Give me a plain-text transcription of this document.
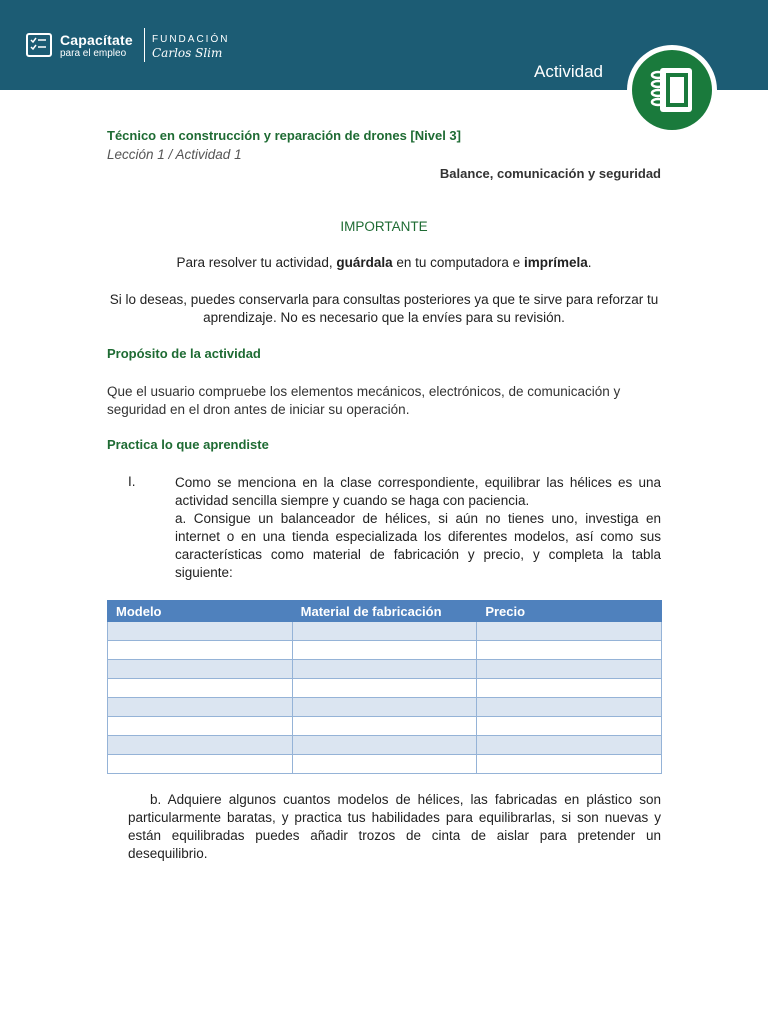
Capacítate
para el empleo
FUNDACIÓN
Carlos Slim
Actividad
Técnico en construcción y reparación de drones [Nivel 3]
Lección 1 / Actividad 1
Balance, comunicación y seguridad
IMPORTANTE
Para resolver tu actividad, guárdala en tu computadora e imprímela.
Si lo deseas, puedes conservarla para consultas posteriores ya que te sirve para reforzar tu aprendizaje. No es necesario que la envíes para su revisión.
Propósito de la actividad
Que el usuario compruebe los elementos mecánicos, electrónicos, de comunicación y seguridad en el dron antes de iniciar su operación.
Practica lo que aprendiste
I.	Como se menciona en la clase correspondiente, equilibrar las hélices es una actividad sencilla siempre y cuando se haga con paciencia.
a. Consigue un balanceador de hélices, si aún no tienes uno, investiga en internet o en una tienda especializada los diferentes modelos, así como sus características como material de fabricación y precio, y completa la tabla siguiente:
Modelo	Material de fabricación	Precio

b. Adquiere algunos cuantos modelos de hélices, las fabricadas en plástico son particularmente baratas, y practica tus habilidades para equilibrarlas, si son nuevas y están equilibradas puedes añadir trozos de cinta de aislar para pretender un desequilibrio.
